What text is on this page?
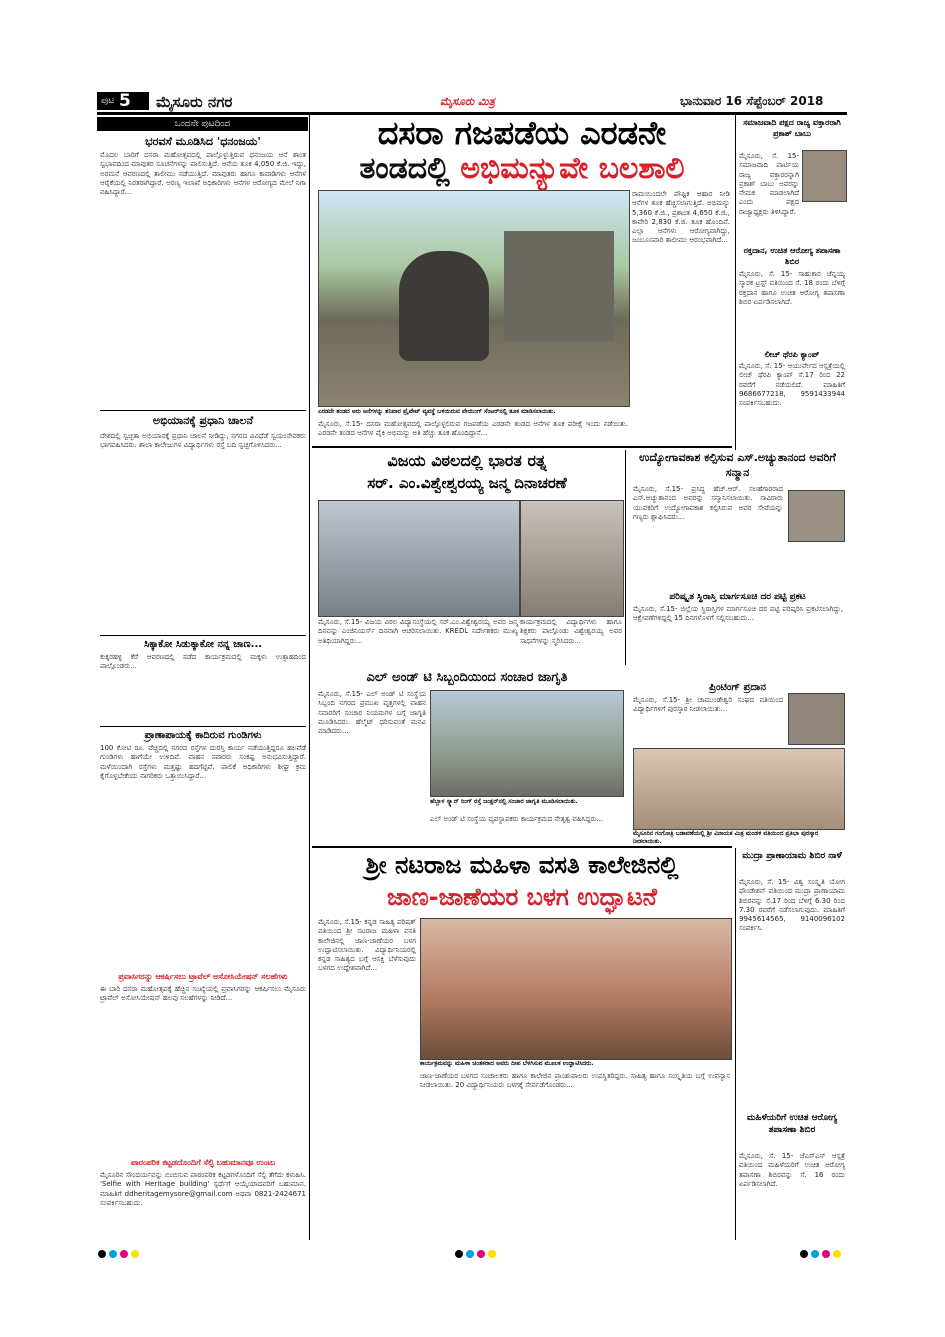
ಪುಟ 5 ಮೈಸೂರು ನಗರ	ಮೈಸೂರು ಮಿತ್ರ	ಭಾನುವಾರ 16 ಸೆಪ್ಟೆಂಬರ್ 2018
ಒಂದನೇ ಪುಟದಿಂದ
ಭರವಸೆ ಮೂಡಿಸಿದ 'ಧನಂಜಯ'
ಮೊದಲ ಬಾರಿಗೆ ದಸರಾ ಮಹೋತ್ಸವದಲ್ಲಿ ಪಾಲ್ಗೊಳ್ಳುತ್ತಿರುವ ಧನಂಜಯ ಆನೆ ಶಾಂತ ಸ್ವಭಾವದಿಂದ ಮಾವುತರ ಸೂಚನೆಗಳನ್ನು ಪಾಲಿಸುತ್ತಿದೆ. ಆನೆಯ ತೂಕ 4,050 ಕೆ.ಜಿ. ಇದ್ದು, ಅರಮನೆ ಆವರಣದಲ್ಲಿ ತಾಲೀಮು ನಡೆಯುತ್ತಿದೆ. ಮಾವುತರು ಹಾಗೂ ಕಾವಾಡಿಗಳು ಆನೆಗಳ ಆರೈಕೆಯಲ್ಲಿ ನಿರತರಾಗಿದ್ದಾರೆ. ಅರಣ್ಯ ಇಲಾಖೆ ಅಧಿಕಾರಿಗಳು ಆನೆಗಳ ಆರೋಗ್ಯದ ಮೇಲೆ ನಿಗಾ ವಹಿಸಿದ್ದಾರೆ...
ಅಭಿಯಾನಕ್ಕೆ ಪ್ರಧಾನಿ ಚಾಲನೆ
ದೇಶದಲ್ಲಿ ಸ್ವಚ್ಛತಾ ಅಭಿಯಾನಕ್ಕೆ ಪ್ರಧಾನಿ ಚಾಲನೆ ನೀಡಿದ್ದು, ನಗರದ ವಿವಿಧೆಡೆ ಸ್ವಯಂಸೇವಕರು ಭಾಗವಹಿಸಿದರು. ಶಾಲಾ ಕಾಲೇಜುಗಳ ವಿದ್ಯಾರ್ಥಿಗಳು ರಸ್ತೆ ಬದಿ ಸ್ವಚ್ಛಗೊಳಿಸಿದರು...
ಸಿಕ್ಕಾಕೋ ಸಿಡುಕ್ಕಾಕೋ ನನ್ನ ಜಾಣ...
ಕುಕ್ಕರಹಳ್ಳಿ ಕೆರೆ ಆವರಣದಲ್ಲಿ ನಡೆದ ಕಾರ್ಯಕ್ರಮದಲ್ಲಿ ಮಕ್ಕಳು ಉತ್ಸಾಹದಿಂದ ಪಾಲ್ಗೊಂಡರು...
ಪ್ರಾಣಾಪಾಯಕ್ಕೆ ಕಾದಿರುವ ಗುಂಡಿಗಳು
100 ಕೋಟಿ ರೂ. ವೆಚ್ಚದಲ್ಲಿ ನಗರದ ರಸ್ತೆಗಳ ದುರಸ್ತಿ ಕಾರ್ಯ ನಡೆಯುತ್ತಿದ್ದರೂ ಹಲವೆಡೆ ಗುಂಡಿಗಳು ಹಾಗೆಯೇ ಉಳಿದಿವೆ. ವಾಹನ ಸವಾರರು ಸಂಕಷ್ಟ ಅನುಭವಿಸುತ್ತಿದ್ದಾರೆ. ಮಳೆಯಿಂದಾಗಿ ರಸ್ತೆಗಳು ಮತ್ತಷ್ಟು ಹದಗೆಟ್ಟಿವೆ. ಪಾಲಿಕೆ ಅಧಿಕಾರಿಗಳು ಶೀಘ್ರ ಕ್ರಮ ಕೈಗೊಳ್ಳಬೇಕೆಂದು ನಾಗರಿಕರು ಒತ್ತಾಯಿಸಿದ್ದಾರೆ...
ಪ್ರವಾಸಿಗರನ್ನು ಆಕರ್ಷಿಸಲು ಟ್ರಾವೆಲ್ ಅಸೋಸಿಯೇಷನ್ ಸಲಹೆಗಳು
ಈ ಬಾರಿ ದಸರಾ ಮಹೋತ್ಸವಕ್ಕೆ ಹೆಚ್ಚಿನ ಸಂಖ್ಯೆಯಲ್ಲಿ ಪ್ರವಾಸಿಗರನ್ನು ಆಕರ್ಷಿಸಲು ಮೈಸೂರು ಟ್ರಾವೆಲ್ ಅಸೋಸಿಯೇಷನ್ ಹಲವು ಸಲಹೆಗಳನ್ನು ನೀಡಿದೆ...
ಪಾರಂಪರಿಕ ಕಟ್ಟಡದೊಂದಿಗೆ ಸೆಲ್ಫಿ ಬಹುಮಾನವೂ ಉಂಟು
ಮೈಸೂರಿನ ಸೌಂದರ್ಯವನ್ನು ಬಿಂಬಿಸುವ ಪಾರಂಪರಿಕ ಕಟ್ಟಡಗಳೊಂದಿಗೆ ಸೆಲ್ಫಿ ತೆಗೆದು ಕಳುಹಿಸಿ. 'Selfie with Heritage building' ಸ್ಪರ್ಧೆಗೆ ಆಯ್ಕೆಯಾದವರಿಗೆ ಬಹುಮಾನ. ಮಾಹಿತಿಗೆ ddheritagemysore@gmail.com ಅಥವಾ 0821-2424671 ಸಂಪರ್ಕಿಸಬಹುದು.
ದಸರಾ ಗಜಪಡೆಯ ಎರಡನೇ
ತಂಡದಲ್ಲಿ ಅಭಿಮನ್ಯುವೇ ಬಲಶಾಲಿ
ಎರಡನೇ ತಂಡದ ಆರು ಆನೆಗಳನ್ನು ಶನಿವಾರ ಪ್ರೈವೇಟ್ ವ್ಯವಸ್ಥೆ ಬಳಿಯಿರುವ ವೇಯಿಂಗ್ ಸೆಂಟರ್‌ನಲ್ಲಿ ತೂಕ ಮಾಡಿಸಲಾಯಿತು.
ರಾಮಯಿಂದಲೇ ಪೌಷ್ಟಿಕ ಆಹಾರ ನೀಡಿ ಆನೆಗಳ ತೂಕ ಹೆಚ್ಚಿಸಲಾಗುತ್ತಿದೆ. ಅಭಿಮನ್ಯು 5,360 ಕೆ.ಜಿ., ಪ್ರಶಾಂತ 4,650 ಕೆ.ಜಿ., ಕಾವೇರಿ 2,830 ಕೆ.ಜಿ. ತೂಕ ಹೊಂದಿವೆ. ಎಲ್ಲಾ ಆನೆಗಳು ಆರೋಗ್ಯವಾಗಿದ್ದು, ಜಂಬೂಸವಾರಿ ತಾಲೀಮು ಆರಂಭವಾಗಿದೆ...
ಮೈಸೂರು, ಸೆ.15- ದಸರಾ ಮಹೋತ್ಸವದಲ್ಲಿ ಪಾಲ್ಗೊಳ್ಳಲಿರುವ ಗಜಪಡೆಯ ಎರಡನೇ ತಂಡದ ಆನೆಗಳ ತೂಕ ಪರೀಕ್ಷೆ ಇಂದು ನಡೆಯಿತು. ಎರಡನೇ ತಂಡದ ಆನೆಗಳ ಪೈಕಿ ಅಭಿಮನ್ಯು ಅತಿ ಹೆಚ್ಚು ತೂಕ ಹೊಂದಿದ್ದಾನೆ...
ವಿಜಯ ವಿಠಲದಲ್ಲಿ ಭಾರತ ರತ್ನ
ಸರ್. ಎಂ.ವಿಶ್ವೇಶ್ವರಯ್ಯ ಜನ್ಮ ದಿನಾಚರಣೆ
ಮೈಸೂರು, ಸೆ.15- ವಿಜಯ ವಿಠಲ ವಿದ್ಯಾಸಂಸ್ಥೆಯಲ್ಲಿ ಸರ್.ಎಂ.ವಿಶ್ವೇಶ್ವರಯ್ಯ ಅವರ ಜನ್ಮ ದಿನವನ್ನು ಎಂಜಿನಿಯರ್ಸ್ ದಿನವಾಗಿ ಆಚರಿಸಲಾಯಿತು. KREDL ನಿರ್ದೇಶಕರು ಮುಖ್ಯ ಅತಿಥಿಯಾಗಿದ್ದರು...
ಕಾರ್ಯಕ್ರಮದಲ್ಲಿ ವಿದ್ಯಾರ್ಥಿಗಳು ಹಾಗೂ ಶಿಕ್ಷಕರು ಪಾಲ್ಗೊಂಡು ವಿಶ್ವೇಶ್ವರಯ್ಯ ಅವರ ಸಾಧನೆಗಳನ್ನು ಸ್ಮರಿಸಿದರು...
ಎಲ್ ಅಂಡ್ ಟಿ ಸಿಬ್ಬಂದಿಯಿಂದ ಸಂಚಾರ ಜಾಗೃತಿ
ಮೈಸೂರು, ಸೆ.15- ಎಲ್ ಅಂಡ್ ಟಿ ಸಂಸ್ಥೆಯ ಸಿಬ್ಬಂದಿ ನಗರದ ಪ್ರಮುಖ ವೃತ್ತಗಳಲ್ಲಿ ವಾಹನ ಸವಾರರಿಗೆ ಸಂಚಾರ ನಿಯಮಗಳ ಬಗ್ಗೆ ಜಾಗೃತಿ ಮೂಡಿಸಿದರು. ಹೆಲ್ಮೆಟ್ ಧರಿಸುವಂತೆ ಮನವಿ ಮಾಡಿದರು...
ಹೆಬ್ಬಾಳ ಸ್ಕ್ಯಾನ್ ರಿಂಗ್ ರಸ್ತೆ ಜಂಕ್ಷನ್‌ನಲ್ಲಿ ಸಂಚಾರ ಜಾಗೃತಿ ಮೂಡಿಸಲಾಯಿತು.
ಎಲ್ ಅಂಡ್ ಟಿ ಸಂಸ್ಥೆಯ ವ್ಯವಸ್ಥಾಪಕರು ಕಾರ್ಯಕ್ರಮದ ನೇತೃತ್ವ ವಹಿಸಿದ್ದರು...
ಉದ್ಯೋಗಾವಕಾಶ ಕಲ್ಪಿಸುವ ಎಸ್.ಅಚ್ಯುತಾನಂದ ಅವರಿಗೆ ಸನ್ಮಾನ
ಮೈಸೂರು, ಸೆ.15- ಪ್ರಸಿದ್ಧ ಹೆಚ್.ಆರ್. ಸಲಹೆಗಾರರಾದ ಎಸ್.ಅಚ್ಯುತಾನಂದ ಅವರನ್ನು ಸನ್ಮಾನಿಸಲಾಯಿತು. ಸಾವಿರಾರು ಯುವಕರಿಗೆ ಉದ್ಯೋಗಾವಕಾಶ ಕಲ್ಪಿಸಿರುವ ಅವರ ಸೇವೆಯನ್ನು ಗಣ್ಯರು ಶ್ಲಾಘಿಸಿದರು...
ಪರಿಷ್ಕೃತ ಸ್ಥಿರಾಸ್ತಿ ಮಾರ್ಗಸೂಚಿ ದರ ಪಟ್ಟಿ ಪ್ರಕಟ
ಮೈಸೂರು, ಸೆ.15- ಜಿಲ್ಲೆಯ ಸ್ಥಿರಾಸ್ತಿಗಳ ಮಾರ್ಗಸೂಚಿ ದರ ಪಟ್ಟಿ ಪರಿಷ್ಕರಿಸಿ ಪ್ರಕಟಿಸಲಾಗಿದ್ದು, ಆಕ್ಷೇಪಣೆಗಳಿದ್ದಲ್ಲಿ 15 ದಿನಗಳೊಳಗೆ ಸಲ್ಲಿಸಬಹುದು...
ಪ್ರಿಂಟಿಂಗ್ ಪ್ರದಾನ
ಮೈಸೂರು, ಸೆ.15- ಶ್ರೀ ಚಾಮುಂಡೇಶ್ವರಿ ಸಂಘದ ವತಿಯಿಂದ ವಿದ್ಯಾರ್ಥಿಗಳಿಗೆ ಪುರಸ್ಕಾರ ನೀಡಲಾಯಿತು...
ಮೈಸೂರಿನ ಗಂಗೋತ್ರಿ ಬಡಾವಣೆಯಲ್ಲಿ ಶ್ರೀ ವಿನಾಯಕ ಮಿತ್ರ ಮಂಡಳಿ ವತಿಯಿಂದ ಪ್ರತಿಭಾ ಪುರಸ್ಕಾರ ನೀಡಲಾಯಿತು.
ಶ್ರೀ ನಟರಾಜ ಮಹಿಳಾ ವಸತಿ ಕಾಲೇಜಿನಲ್ಲಿ
ಜಾಣ-ಜಾಣೆಯರ ಬಳಗ ಉದ್ಘಾಟನೆ
ಮೈಸೂರು, ಸೆ.15- ಕನ್ನಡ ಸಾಹಿತ್ಯ ಪರಿಷತ್ ವತಿಯಿಂದ ಶ್ರೀ ನಟರಾಜ ಮಹಿಳಾ ವಸತಿ ಕಾಲೇಜಿನಲ್ಲಿ ಜಾಣ-ಜಾಣೆಯರ ಬಳಗ ಉದ್ಘಾಟಿಸಲಾಯಿತು. ವಿದ್ಯಾರ್ಥಿನಿಯರಲ್ಲಿ ಕನ್ನಡ ಸಾಹಿತ್ಯದ ಬಗ್ಗೆ ಆಸಕ್ತಿ ಬೆಳೆಸುವುದು ಬಳಗದ ಉದ್ದೇಶವಾಗಿದೆ...
ಕಾರ್ಯಕ್ರಮವನ್ನು ಮಹಿಳಾ ಚಿಂತಕರಾದ ಅವರು ದೀಪ ಬೆಳಗಿಸುವ ಮೂಲಕ ಉದ್ಘಾಟಿಸಿದರು.
ಜಾಣ-ಜಾಣೆಯರ ಬಳಗದ ಸಂಚಾಲಕರು ಹಾಗೂ ಕಾಲೇಜಿನ ಪ್ರಾಂಶುಪಾಲರು ಉಪಸ್ಥಿತರಿದ್ದರು. ಸಾಹಿತ್ಯ ಹಾಗೂ ಸಂಸ್ಕೃತಿಯ ಬಗ್ಗೆ ಉಪನ್ಯಾಸ ನೀಡಲಾಯಿತು. 20 ವಿದ್ಯಾರ್ಥಿನಿಯರು ಬಳಗಕ್ಕೆ ಸೇರ್ಪಡೆಗೊಂಡರು...
ಸಮಾಜವಾದಿ ಪಕ್ಷದ ರಾಜ್ಯ ವಕ್ತಾರರಾಗಿ ಪ್ರಕಾಶ್ ಬಾಬು
ಮೈಸೂರು, ಸೆ. 15- ಸಮಾಜವಾದಿ ಪಾರ್ಟಿಯ ರಾಜ್ಯ ವಕ್ತಾರರನ್ನಾಗಿ ಪ್ರಕಾಶ್ ಬಾಬು ಅವರನ್ನು ನೇಮಕ ಮಾಡಲಾಗಿದೆ ಎಂದು ಪಕ್ಷದ ರಾಜ್ಯಾಧ್ಯಕ್ಷರು ತಿಳಿಸಿದ್ದಾರೆ.
ರಕ್ತದಾನ, ಉಚಿತ ಆರೋಗ್ಯ ತಪಾಸಣಾ ಶಿಬಿರ
ಮೈಸೂರು, ಸೆ. 15- ಸಾಹುಕಾರ ಚೆನ್ನಯ್ಯ ಸ್ಮಾರಕ ಟ್ರಸ್ಟ್ ವತಿಯಿಂದ ಸೆ. 18 ರಂದು ಬೆಳಿಗ್ಗೆ ರಕ್ತದಾನ ಹಾಗೂ ಉಚಿತ ಆರೋಗ್ಯ ತಪಾಸಣಾ ಶಿಬಿರ ಏರ್ಪಡಿಸಲಾಗಿದೆ.
ಲೀಚ್ ಥೆರಪಿ ಕ್ಯಾಂಪ್
ಮೈಸೂರು, ಸೆ. 15- ಆಯುರ್ವೇದ ಆಸ್ಪತ್ರೆಯಲ್ಲಿ ಲೀಚ್ ಥೆರಪಿ ಕ್ಯಾಂಪ್ ಸೆ.17 ರಿಂದ 22 ರವರೆಗೆ ನಡೆಯಲಿದೆ. ಮಾಹಿತಿಗೆ 9686677218, 9591433944 ಸಂಪರ್ಕಿಸಬಹುದು.
ಮುದ್ರಾ ಪ್ರಾಣಾಯಾಮ ಶಿಬಿರ ನಾಳೆ
ಮೈಸೂರು, ಸೆ. 15- ವಿಶ್ವ ಸಂಸ್ಕೃತಿ ಯೋಗ ಫೌಂಡೇಶನ್ ವತಿಯಿಂದ ಮುದ್ರಾ ಪ್ರಾಣಾಯಾಮ ಶಿಬಿರವನ್ನು ಸೆ.17 ರಿಂದ ಬೆಳಿಗ್ಗೆ 6.30 ರಿಂದ 7.30 ರವರೆಗೆ ನಡೆಸಲಾಗುವುದು. ಮಾಹಿತಿಗೆ 9945614565, 9140096102 ಸಂಪರ್ಕಿಸಿ.
ಮಹಿಳೆಯರಿಗೆ ಉಚಿತ ಆರೋಗ್ಯ ತಪಾಸಣಾ ಶಿಬಿರ
ಮೈಸೂರು, ಸೆ. 15- ಜೆಎಸ್‌ಎಸ್ ಆಸ್ಪತ್ರೆ ವತಿಯಿಂದ ಮಹಿಳೆಯರಿಗೆ ಉಚಿತ ಆರೋಗ್ಯ ತಪಾಸಣಾ ಶಿಬಿರವನ್ನು ಸೆ. 16 ರಂದು ಏರ್ಪಡಿಸಲಾಗಿದೆ.
